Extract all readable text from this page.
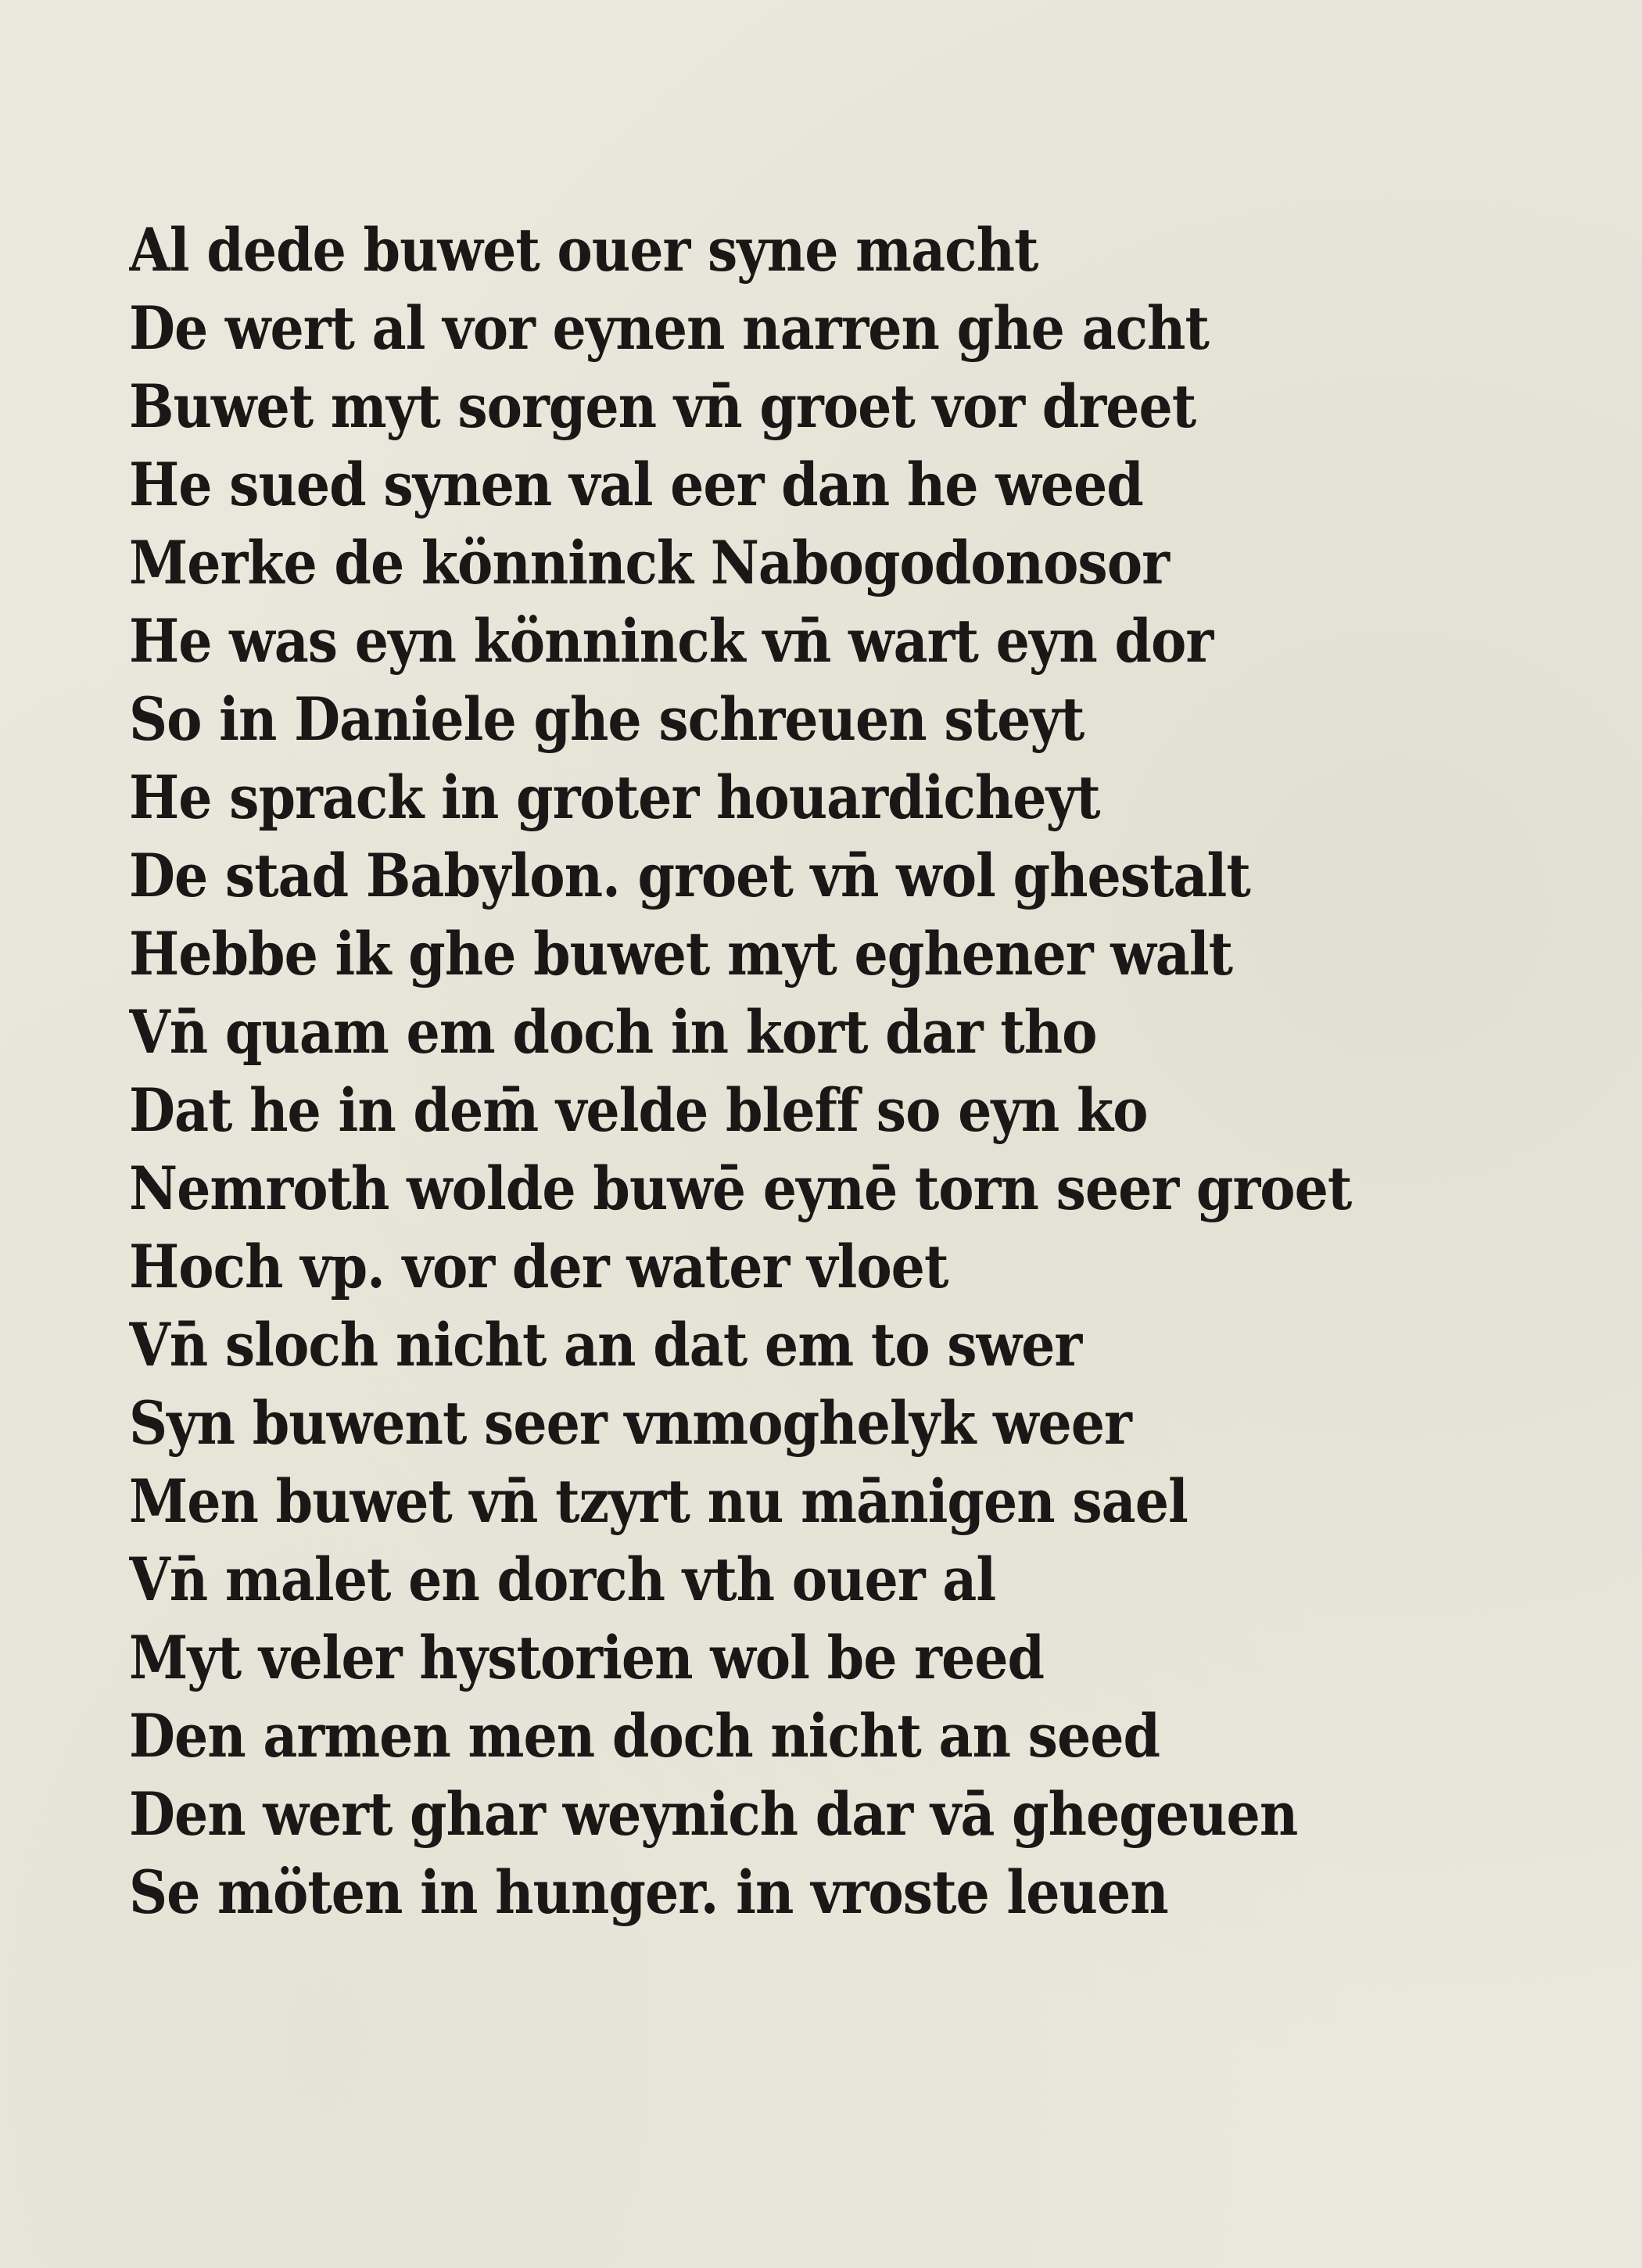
Al dede buwet ouer syne macht
De wert al vor eynen narren ghe acht
Buwet myt sorgen vn̄ groet vor dreet
He sued synen val eer dan he weed
Merke de könninck Nabogodonosor
He was eyn könninck vn̄ wart eyn dor
So in Daniele ghe schreuen steyt
He sprack in groter houardicheyt
De stad Babylon. groet vn̄ wol ghestalt
Hebbe ik ghe buwet myt eghener walt
Vn̄ quam em doch in kort dar tho
Dat he in dem̄ velde bleff so eyn ko
Nemroth wolde buwē eynē torn seer groet
Hoch vp. vor der water vloet
Vn̄ sloch nicht an dat em to swer
Syn buwent seer vnmoghelyk weer
Men buwet vn̄ tzyrt nu mānigen sael
Vn̄ malet en dorch vth ouer al
Myt veler hystorien wol be reed
Den armen men doch nicht an seed
Den wert ghar weynich dar vā ghegeuen
Se möten in hunger. in vroste leuen
